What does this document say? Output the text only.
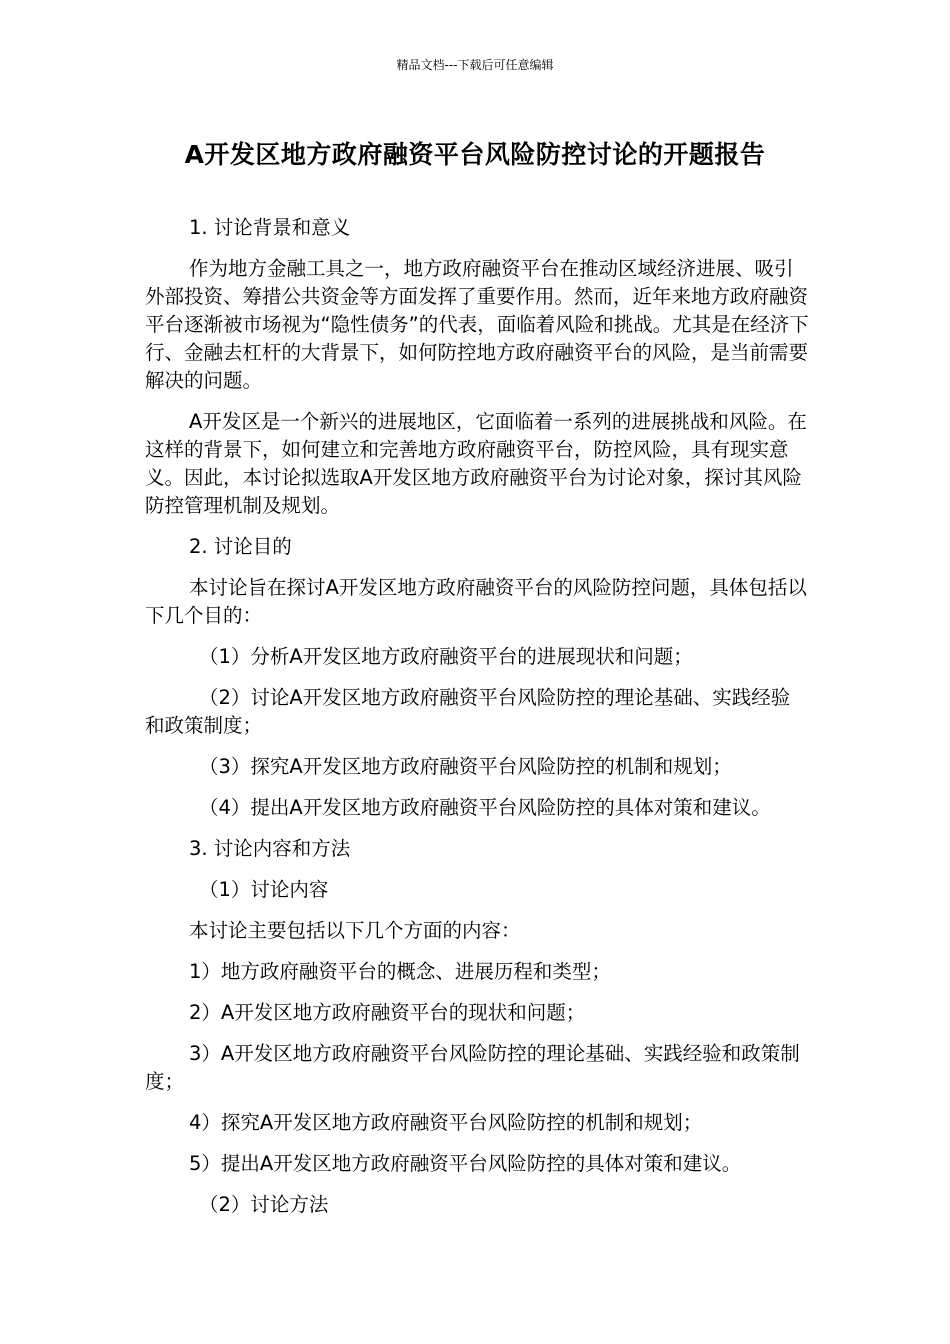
精品文档---下载后可任意编辑
A开发区地方政府融资平台风险防控讨论的开题报告

1. 讨论背景和意义

作为地方金融工具之一，地方政府融资平台在推动区域经济进展、吸引外部投资、筹措公共资金等方面发挥了重要作用。然而，近年来地方政府融资平台逐渐被市场视为“隐性债务”的代表，面临着风险和挑战。尤其是在经济下行、金融去杠杆的大背景下，如何防控地方政府融资平台的风险，是当前需要解决的问题。

A开发区是一个新兴的进展地区，它面临着一系列的进展挑战和风险。在这样的背景下，如何建立和完善地方政府融资平台，防控风险，具有现实意义。因此，本讨论拟选取A开发区地方政府融资平台为讨论对象，探讨其风险防控管理机制及规划。

2. 讨论目的

本讨论旨在探讨A开发区地方政府融资平台的风险防控问题，具体包括以下几个目的：

（1）分析A开发区地方政府融资平台的进展现状和问题；

（2）讨论A开发区地方政府融资平台风险防控的理论基础、实践经验和政策制度；

（3）探究A开发区地方政府融资平台风险防控的机制和规划；

（4）提出A开发区地方政府融资平台风险防控的具体对策和建议。

3. 讨论内容和方法

（1）讨论内容

本讨论主要包括以下几个方面的内容：

1）地方政府融资平台的概念、进展历程和类型；

2）A开发区地方政府融资平台的现状和问题；

3）A开发区地方政府融资平台风险防控的理论基础、实践经验和政策制度；

4）探究A开发区地方政府融资平台风险防控的机制和规划；

5）提出A开发区地方政府融资平台风险防控的具体对策和建议。

（2）讨论方法
